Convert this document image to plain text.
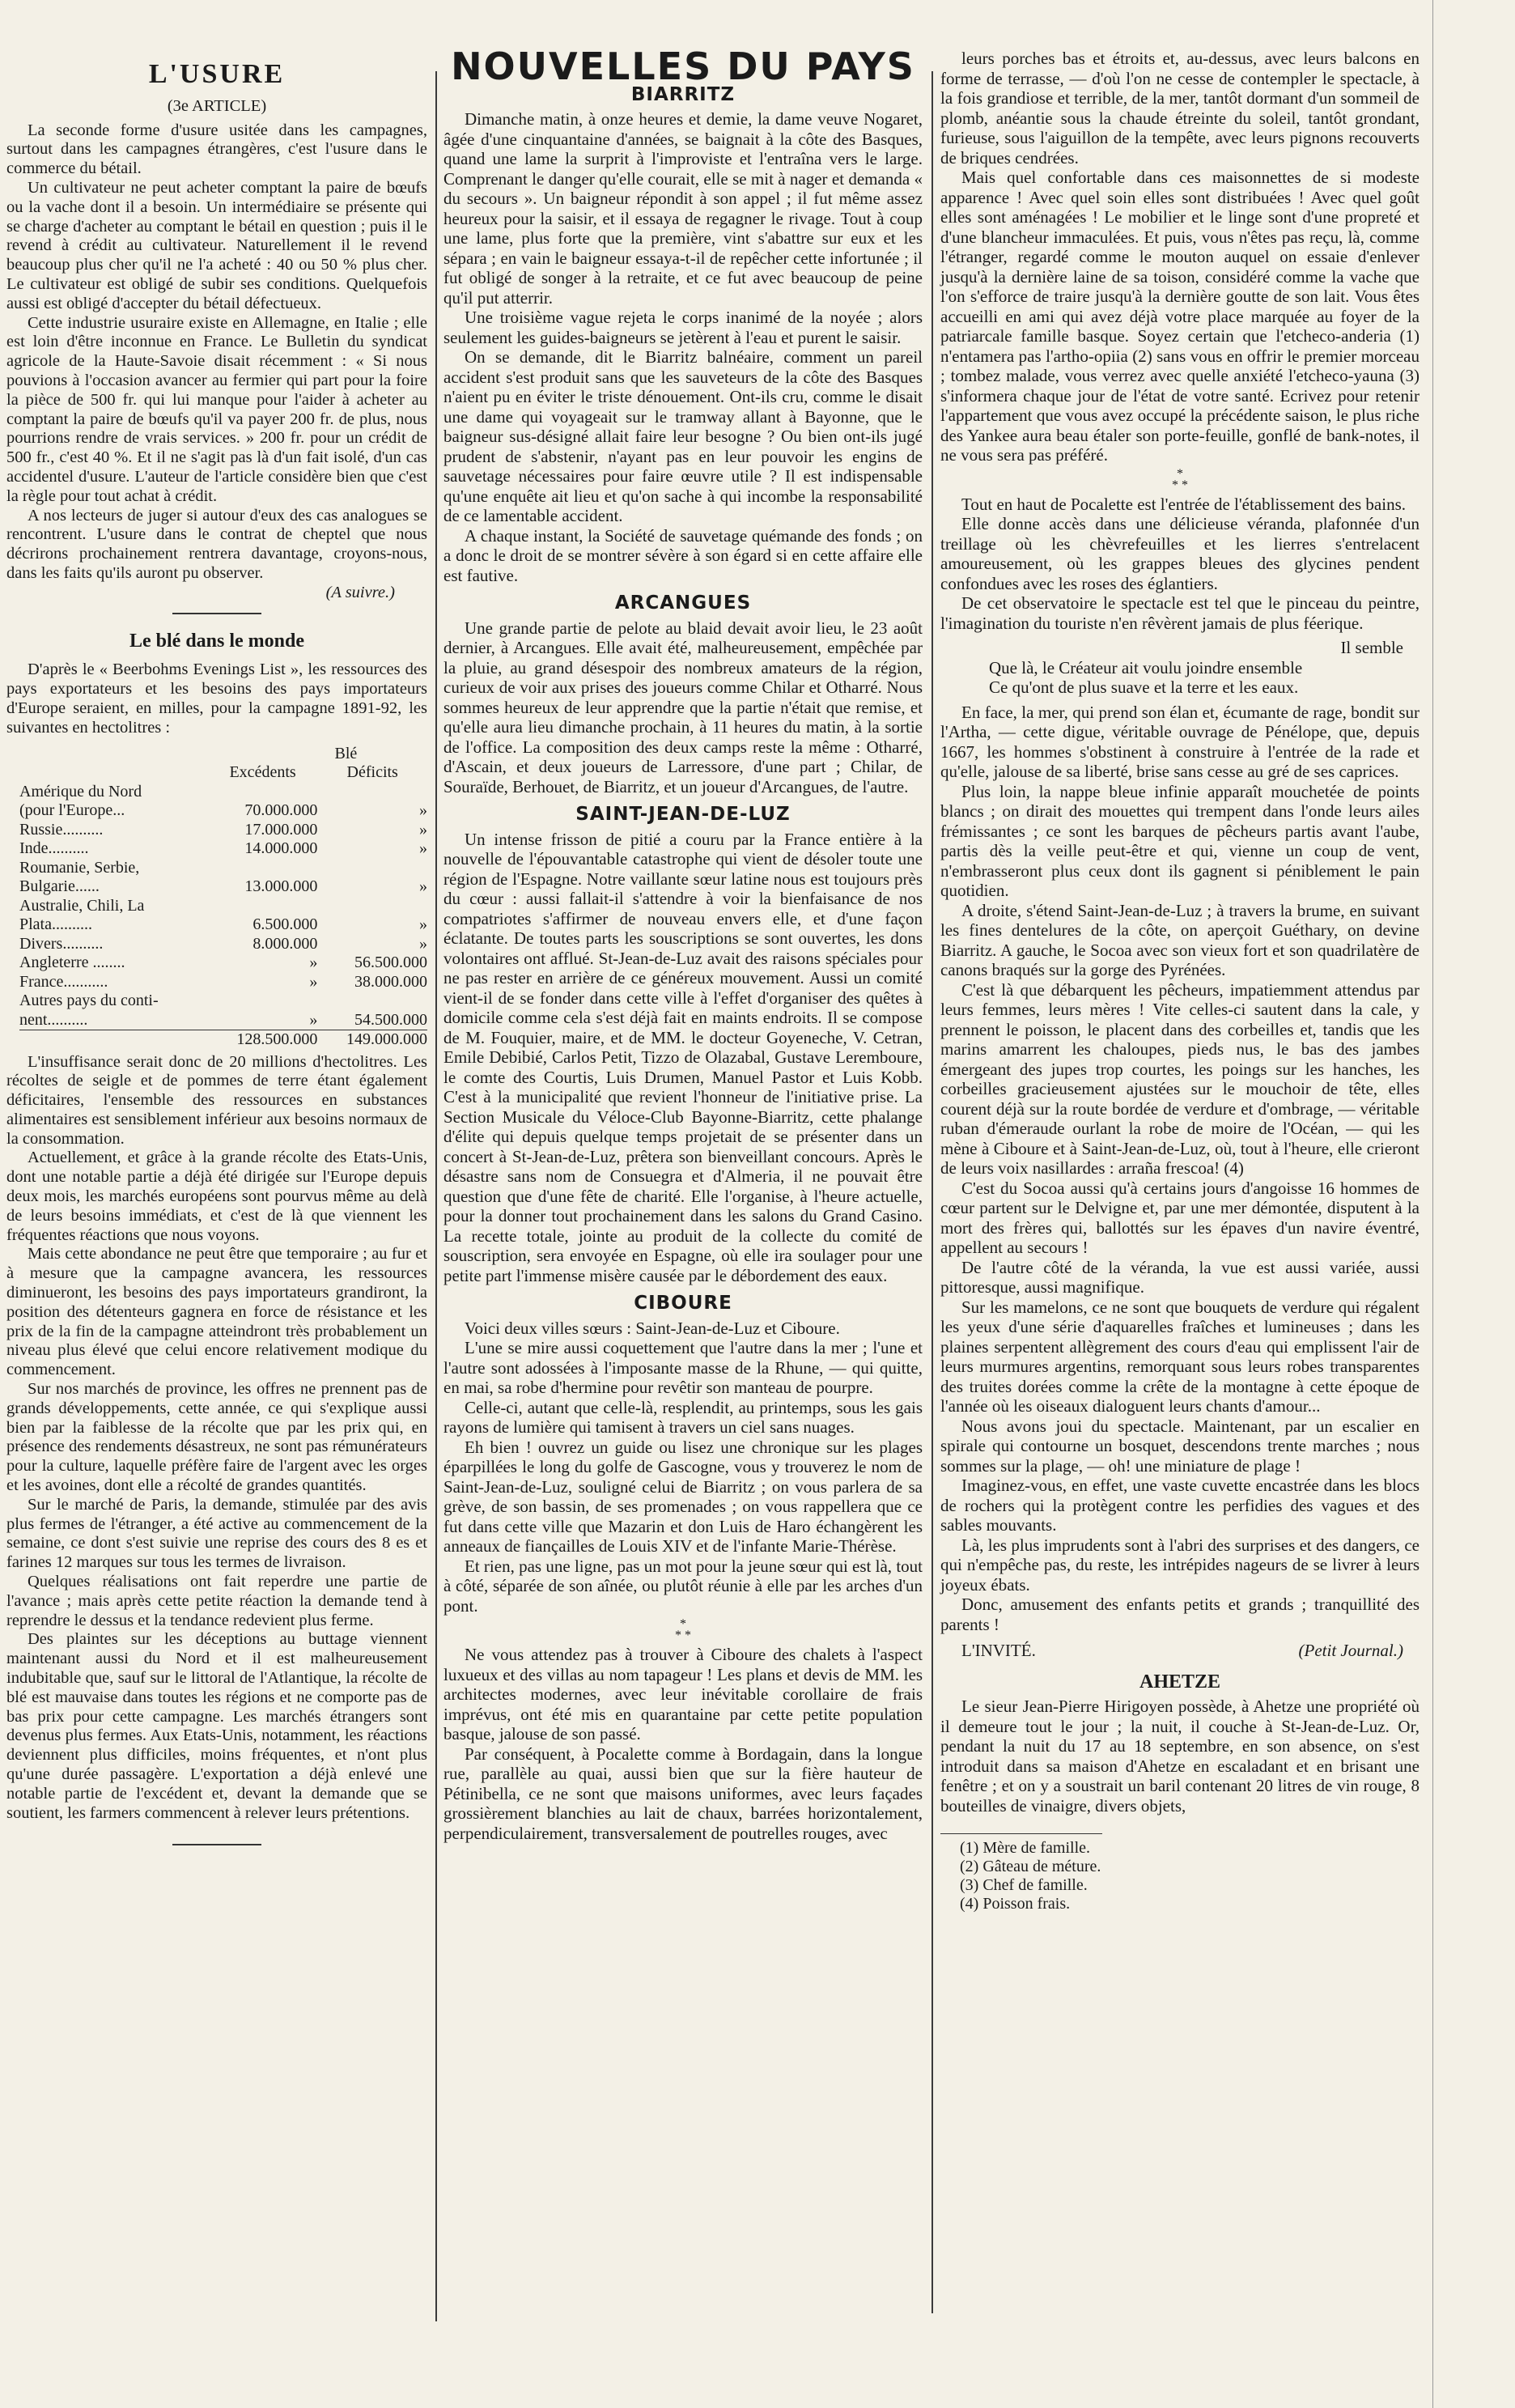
L'USURE

(3e ARTICLE)

La seconde forme d'usure usitée dans les campagnes, surtout dans les campagnes étrangères, c'est l'usure dans le commerce du bétail.

Un cultivateur ne peut acheter comptant la paire de bœufs ou la vache dont il a besoin. Un intermédiaire se présente qui se charge d'acheter au comptant le bétail en question ; puis il le revend à crédit au cultivateur. Naturellement il le revend beaucoup plus cher qu'il ne l'a acheté : 40 ou 50 % plus cher. Le cultivateur est obligé de subir ses conditions. Quelquefois aussi est obligé d'accepter du bétail défectueux.

Cette industrie usuraire existe en Allemagne, en Italie ; elle est loin d'être inconnue en France. Le Bulletin du syndicat agricole de la Haute-Savoie disait récemment : « Si nous pouvions à l'occasion avancer au fermier qui part pour la foire la pièce de 500 fr. qui lui manque pour l'aider à acheter au comptant la paire de bœufs qu'il va payer 200 fr. de plus, nous pourrions rendre de vrais services. » 200 fr. pour un crédit de 500 fr., c'est 40 %. Et il ne s'agit pas là d'un fait isolé, d'un cas accidentel d'usure. L'auteur de l'article considère bien que c'est la règle pour tout achat à crédit.

A nos lecteurs de juger si autour d'eux des cas analogues se rencontrent. L'usure dans le contrat de cheptel que nous décrirons prochainement rentrera davantage, croyons-nous, dans les faits qu'ils auront pu observer.

(A suivre.)

Le blé dans le monde

D'après le « Beerbohms Evenings List », les ressources des pays exportateurs et les besoins des pays importateurs d'Europe seraient, en milles, pour la campagne 1891-92, les suivantes en hectolitres :

	Blé	
	Excédents	Déficits
Amérique du Nord		
(pour l'Europe...	70.000.000	»
Russie..........	17.000.000	»
Inde..........	14.000.000	»
Roumanie, Serbie,		
Bulgarie......	13.000.000	»
Australie, Chili, La		
Plata..........	6.500.000	»
Divers..........	8.000.000	»
Angleterre ........	»	56.500.000
France...........	»	38.000.000
Autres pays du conti-		
nent..........	»	54.500.000
	128.500.000	149.000.000

L'insuffisance serait donc de 20 millions d'hectolitres. Les récoltes de seigle et de pommes de terre étant également déficitaires, l'ensemble des ressources en substances alimentaires est sensiblement inférieur aux besoins normaux de la consommation.

Actuellement, et grâce à la grande récolte des Etats-Unis, dont une notable partie a déjà été dirigée sur l'Europe depuis deux mois, les marchés européens sont pourvus même au delà de leurs besoins immédiats, et c'est de là que viennent les fréquentes réactions que nous voyons.

Mais cette abondance ne peut être que temporaire ; au fur et à mesure que la campagne avancera, les ressources diminueront, les besoins des pays importateurs grandiront, la position des détenteurs gagnera en force de résistance et les prix de la fin de la campagne atteindront très probablement un niveau plus élevé que celui encore relativement modique du commencement.

Sur nos marchés de province, les offres ne prennent pas de grands développements, cette année, ce qui s'explique aussi bien par la faiblesse de la récolte que par les prix qui, en présence des rendements désastreux, ne sont pas rémunérateurs pour la culture, laquelle préfère faire de l'argent avec les orges et les avoines, dont elle a récolté de grandes quantités.

Sur le marché de Paris, la demande, stimulée par des avis plus fermes de l'étranger, a été active au commencement de la semaine, ce dont s'est suivie une reprise des cours des 8 es et farines 12 marques sur tous les termes de livraison.

Quelques réalisations ont fait reperdre une partie de l'avance ; mais après cette petite réaction la demande tend à reprendre le dessus et la tendance redevient plus ferme.

Des plaintes sur les déceptions au buttage viennent maintenant aussi du Nord et il est malheureusement indubitable que, sauf sur le littoral de l'Atlantique, la récolte de blé est mauvaise dans toutes les régions et ne comporte pas de bas prix pour cette campagne. Les marchés étrangers sont devenus plus fermes. Aux Etats-Unis, notamment, les réactions deviennent plus difficiles, moins fréquentes, et n'ont plus qu'une durée passagère. L'exportation a déjà enlevé une notable partie de l'excédent et, devant la demande que se soutient, les farmers commencent à relever leurs prétentions.

NOUVELLES DU PAYS
BIARRITZ

Dimanche matin, à onze heures et demie, la dame veuve Nogaret, âgée d'une cinquantaine d'années, se baignait à la côte des Basques, quand une lame la surprit à l'improviste et l'entraîna vers le large. Comprenant le danger qu'elle courait, elle se mit à nager et demanda « du secours ». Un baigneur répondit à son appel ; il fut même assez heureux pour la saisir, et il essaya de regagner le rivage. Tout à coup une lame, plus forte que la première, vint s'abattre sur eux et les sépara ; en vain le baigneur essaya-t-il de repêcher cette infortunée ; il fut obligé de songer à la retraite, et ce fut avec beaucoup de peine qu'il put atterrir.

Une troisième vague rejeta le corps inanimé de la noyée ; alors seulement les guides-baigneurs se jetèrent à l'eau et purent le saisir.

On se demande, dit le Biarritz balnéaire, comment un pareil accident s'est produit sans que les sauveteurs de la côte des Basques n'aient pu en éviter le triste dénouement. Ont-ils cru, comme le disait une dame qui voyageait sur le tramway allant à Bayonne, que le baigneur sus-désigné allait faire leur besogne ? Ou bien ont-ils jugé prudent de s'abstenir, n'ayant pas en leur pouvoir les engins de sauvetage nécessaires pour faire œuvre utile ? Il est indispensable qu'une enquête ait lieu et qu'on sache à qui incombe la responsabilité de ce lamentable accident.

A chaque instant, la Société de sauvetage quémande des fonds ; on a donc le droit de se montrer sévère à son égard si en cette affaire elle est fautive.

ARCANGUES

Une grande partie de pelote au blaid devait avoir lieu, le 23 août dernier, à Arcangues. Elle avait été, malheureusement, empêchée par la pluie, au grand désespoir des nombreux amateurs de la région, curieux de voir aux prises des joueurs comme Chilar et Otharré. Nous sommes heureux de leur apprendre que la partie n'était que remise, et qu'elle aura lieu dimanche prochain, à 11 heures du matin, à la sortie de l'office. La composition des deux camps reste la même : Otharré, d'Ascain, et deux joueurs de Larressore, d'une part ; Chilar, de Souraïde, Berhouet, de Biarritz, et un joueur d'Arcangues, de l'autre.

SAINT-JEAN-DE-LUZ

Un intense frisson de pitié a couru par la France entière à la nouvelle de l'épouvantable catastrophe qui vient de désoler toute une région de l'Espagne. Notre vaillante sœur latine nous est toujours près du cœur : aussi fallait-il s'attendre à voir la bienfaisance de nos compatriotes s'affirmer de nouveau envers elle, et d'une façon éclatante. De toutes parts les souscriptions se sont ouvertes, les dons volontaires ont afflué. St-Jean-de-Luz avait des raisons spéciales pour ne pas rester en arrière de ce généreux mouvement. Aussi un comité vient-il de se fonder dans cette ville à l'effet d'organiser des quêtes à domicile comme cela s'est déjà fait en maints endroits. Il se compose de M. Fouquier, maire, et de MM. le docteur Goyeneche, V. Cetran, Emile Debibié, Carlos Petit, Tizzo de Olazabal, Gustave Leremboure, le comte des Courtis, Luis Drumen, Manuel Pastor et Luis Kobb. C'est à la municipalité que revient l'honneur de l'initiative prise. La Section Musicale du Véloce-Club Bayonne-Biarritz, cette phalange d'élite qui depuis quelque temps projetait de se présenter dans un concert à St-Jean-de-Luz, prêtera son bienveillant concours. Après le désastre sans nom de Consuegra et d'Almeria, il ne pouvait être question que d'une fête de charité. Elle l'organise, à l'heure actuelle, pour la donner tout prochainement dans les salons du Grand Casino. La recette totale, jointe au produit de la collecte du comité de souscription, sera envoyée en Espagne, où elle ira soulager pour une petite part l'immense misère causée par le débordement des eaux.

CIBOURE

Voici deux villes sœurs : Saint-Jean-de-Luz et Ciboure.

L'une se mire aussi coquettement que l'autre dans la mer ; l'une et l'autre sont adossées à l'imposante masse de la Rhune, — qui quitte, en mai, sa robe d'hermine pour revêtir son manteau de pourpre.

Celle-ci, autant que celle-là, resplendit, au printemps, sous les gais rayons de lumière qui tamisent à travers un ciel sans nuages.

Eh bien ! ouvrez un guide ou lisez une chronique sur les plages éparpillées le long du golfe de Gascogne, vous y trouverez le nom de Saint-Jean-de-Luz, souligné celui de Biarritz ; on vous parlera de sa grève, de son bassin, de ses promenades ; on vous rappellera que ce fut dans cette ville que Mazarin et don Luis de Haro échangèrent les anneaux de fiançailles de Louis XIV et de l'infante Marie-Thérèse.

Et rien, pas une ligne, pas un mot pour la jeune sœur qui est là, tout à côté, séparée de son aînée, ou plutôt réunie à elle par les arches d'un pont.

*
* *

Ne vous attendez pas à trouver à Ciboure des chalets à l'aspect luxueux et des villas au nom tapageur ! Les plans et devis de MM. les architectes modernes, avec leur inévitable corollaire de frais imprévus, ont été mis en quarantaine par cette petite population basque, jalouse de son passé.

Par conséquent, à Pocalette comme à Bordagain, dans la longue rue, parallèle au quai, aussi bien que sur la fière hauteur de Pétinibella, ce ne sont que maisons uniformes, avec leurs façades grossièrement blanchies au lait de chaux, barrées horizontalement, perpendiculairement, transversalement de poutrelles rouges, avec

leurs porches bas et étroits et, au-dessus, avec leurs balcons en forme de terrasse, — d'où l'on ne cesse de contempler le spectacle, à la fois grandiose et terrible, de la mer, tantôt dormant d'un sommeil de plomb, anéantie sous la chaude étreinte du soleil, tantôt grondant, furieuse, sous l'aiguillon de la tempête, avec leurs pignons recouverts de briques cendrées.

Mais quel confortable dans ces maisonnettes de si modeste apparence ! Avec quel soin elles sont distribuées ! Avec quel goût elles sont aménagées ! Le mobilier et le linge sont d'une propreté et d'une blancheur immaculées. Et puis, vous n'êtes pas reçu, là, comme l'étranger, regardé comme le mouton auquel on essaie d'enlever jusqu'à la dernière laine de sa toison, considéré comme la vache que l'on s'efforce de traire jusqu'à la dernière goutte de son lait. Vous êtes accueilli en ami qui avez déjà votre place marquée au foyer de la patriarcale famille basque. Soyez certain que l'etcheco-anderia (1) n'entamera pas l'artho-opiia (2) sans vous en offrir le premier morceau ; tombez malade, vous verrez avec quelle anxiété l'etcheco-yauna (3) s'informera chaque jour de l'état de votre santé. Ecrivez pour retenir l'appartement que vous avez occupé la précédente saison, le plus riche des Yankee aura beau étaler son porte-feuille, gonflé de bank-notes, il ne vous sera pas préféré.

*
* *

Tout en haut de Pocalette est l'entrée de l'établissement des bains.

Elle donne accès dans une délicieuse véranda, plafonnée d'un treillage où les chèvrefeuilles et les lierres s'entrelacent amoureusement, où les grappes bleues des glycines pendent confondues avec les roses des églantiers.

De cet observatoire le spectacle est tel que le pinceau du peintre, l'imagination du touriste n'en rêvèrent jamais de plus féerique.

Il semble

Que là, le Créateur ait voulu joindre ensemble

Ce qu'ont de plus suave et la terre et les eaux.

En face, la mer, qui prend son élan et, écumante de rage, bondit sur l'Artha, — cette digue, véritable ouvrage de Pénélope, que, depuis 1667, les hommes s'obstinent à construire à l'entrée de la rade et qu'elle, jalouse de sa liberté, brise sans cesse au gré de ses caprices.

Plus loin, la nappe bleue infinie apparaît mouchetée de points blancs ; on dirait des mouettes qui trempent dans l'onde leurs ailes frémissantes ; ce sont les barques de pêcheurs partis avant l'aube, partis dès la veille peut-être et qui, vienne un coup de vent, n'embrasseront plus ceux dont ils gagnent si péniblement le pain quotidien.

A droite, s'étend Saint-Jean-de-Luz ; à travers la brume, en suivant les fines dentelures de la côte, on aperçoit Guéthary, on devine Biarritz. A gauche, le Socoa avec son vieux fort et son quadrilatère de canons braqués sur la gorge des Pyrénées.

C'est là que débarquent les pêcheurs, impatiemment attendus par leurs femmes, leurs mères ! Vite celles-ci sautent dans la cale, y prennent le poisson, le placent dans des corbeilles et, tandis que les marins amarrent les chaloupes, pieds nus, le bas des jambes émergeant des jupes trop courtes, les poings sur les hanches, les corbeilles gracieusement ajustées sur le mouchoir de tête, elles courent déjà sur la route bordée de verdure et d'ombrage, — véritable ruban d'émeraude ourlant la robe de moire de l'Océan, — qui les mène à Ciboure et à Saint-Jean-de-Luz, où, tout à l'heure, elle crieront de leurs voix nasillardes : arraña frescoa! (4)

C'est du Socoa aussi qu'à certains jours d'angoisse 16 hommes de cœur partent sur le Delvigne et, par une mer démontée, disputent à la mort des frères qui, ballottés sur les épaves d'un navire éventré, appellent au secours !

De l'autre côté de la véranda, la vue est aussi variée, aussi pittoresque, aussi magnifique.

Sur les mamelons, ce ne sont que bouquets de verdure qui régalent les yeux d'une série d'aquarelles fraîches et lumineuses ; dans les plaines serpentent allègrement des cours d'eau qui emplissent l'air de leurs murmures argentins, remorquant sous leurs robes transparentes des truites dorées comme la crête de la montagne à cette époque de l'année où les oiseaux dialoguent leurs chants d'amour...

Nous avons joui du spectacle. Maintenant, par un escalier en spirale qui contourne un bosquet, descendons trente marches ; nous sommes sur la plage, — oh! une miniature de plage !

Imaginez-vous, en effet, une vaste cuvette encastrée dans les blocs de rochers qui la protègent contre les perfidies des vagues et des sables mouvants.

Là, les plus imprudents sont à l'abri des surprises et des dangers, ce qui n'empêche pas, du reste, les intrépides nageurs de se livrer à leurs joyeux ébats.

Donc, amusement des enfants petits et grands ; tranquillité des parents !

L'INVITÉ.	(Petit Journal.)
AHETZE

Le sieur Jean-Pierre Hirigoyen possède, à Ahetze une propriété où il demeure tout le jour ; la nuit, il couche à St-Jean-de-Luz. Or, pendant la nuit du 17 au 18 septembre, en son absence, on s'est introduit dans sa maison d'Ahetze en escaladant et en brisant une fenêtre ; et on y a soustrait un baril contenant 20 litres de vin rouge, 8 bouteilles de vinaigre, divers objets,

(1) Mère de famille.
(2) Gâteau de méture.
(3) Chef de famille.
(4) Poisson frais.
